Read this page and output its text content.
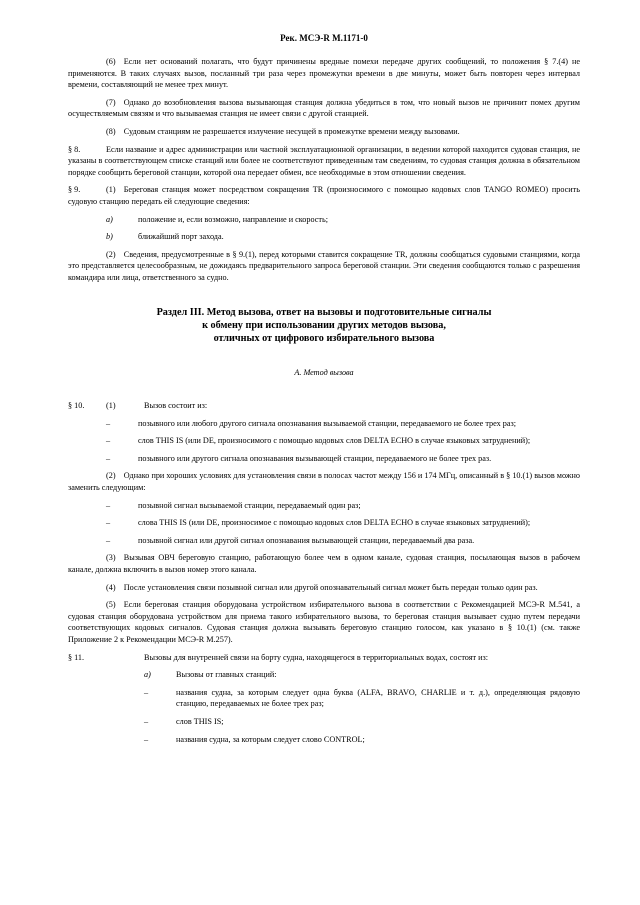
Рек. МСЭ-R M.1171-0

(6) Если нет оснований полагать, что будут причинены вредные помехи передаче других сообщений, то положения § 7.(4) не применяются. В таких случаях вызов, посланный три раза через промежутки времени в две минуты, может быть повторен через интервал времени, составляющий не менее трех минут.

(7) Однако до возобновления вызова вызывающая станция должна убедиться в том, что новый вызов не причинит помех другим осуществляемым связям и что вызываемая станция не имеет связи с другой станцией.

(8) Судовым станциям не разрешается излучение несущей в промежутке времени между вызовами.

§ 8.	Если название и адрес администрации или частной эксплуатационной организации, в ведении которой находится судовая станция, не указаны в соответствующем списке станций или более не соответствуют приведенным там сведениям, то судовая станция должна в обязательном порядке сообщить береговой станции, которой она передает обмен, все необходимые в этом отношении сведения.

§ 9.	(1) Береговая станция может посредством сокращения TR (произносимого с помощью кодовых слов TANGO ROMEO) просить судовую станцию передать ей следующие сведения:

a)	положение и, если возможно, направление и скорость;
b)	ближайший порт захода.

(2) Сведения, предусмотренные в § 9.(1), перед которыми ставится сокращение TR, должны сообщаться судовыми станциями, когда это представляется целесообразным, не дожидаясь предварительного запроса береговой станции. Эти сведения сообщаются только с разрешения командира или лица, ответственного за судно.

Раздел III. Метод вызова, ответ на вызовы и подготовительные сигналы
к обмену при использовании других методов вызова,
отличных от цифрового избирательного вызова
A. Метод вызова
§ 10.	(1)	Вызов состоит из:
–	позывного или любого другого сигнала опознавания вызываемой станции, передаваемого не более трех раз;
–	слов THIS IS (или DE, произносимого с помощью кодовых слов DELTA ECHO в случае языковых затруднений);
–	позывного или другого сигнала опознавания вызывающей станции, передаваемого не более трех раз.

(2) Однако при хороших условиях для установления связи в полосах частот между 156 и 174 МГц, описанный в § 10.(1) вызов можно заменить следующим:

–	позывной сигнал вызываемой станции, передаваемый один раз;
–	слова THIS IS (или DE, произносимое с помощью кодовых слов DELTA ECHO в случае языковых затруднений);
–	позывной сигнал или другой сигнал опознавания вызывающей станции, передаваемый два раза.

(3) Вызывая ОВЧ береговую станцию, работающую более чем в одном канале, судовая станция, посылающая вызов в рабочем канале, должна включить в вызов номер этого канала.

(4) После установления связи позывной сигнал или другой опознавательный сигнал может быть передан только один раз.

(5) Если береговая станция оборудована устройством избирательного вызова в соответствии с Рекомендацией МСЭ-R M.541, а судовая станция оборудована устройством для приема такого избирательного вызова, то береговая станция вызывает судно путем передачи соответствующих кодовых сигналов. Судовая станция должна вызывать береговую станцию голосом, как указано в § 10.(1) (см. также Приложение 2 к Рекомендации МСЭ-R M.257).

§ 11.	Вызовы для внутренней связи на борту судна, находящегося в территориальных водах, состоят из:
a)	Вызовы от главных станций:
–	названия судна, за которым следует одна буква (ALFA, BRAVO, CHARLIE и т. д.), определяющая рядовую станцию, передаваемых не более трех раз;
–	слов THIS IS;
–	названия судна, за которым следует слово CONTROL;
